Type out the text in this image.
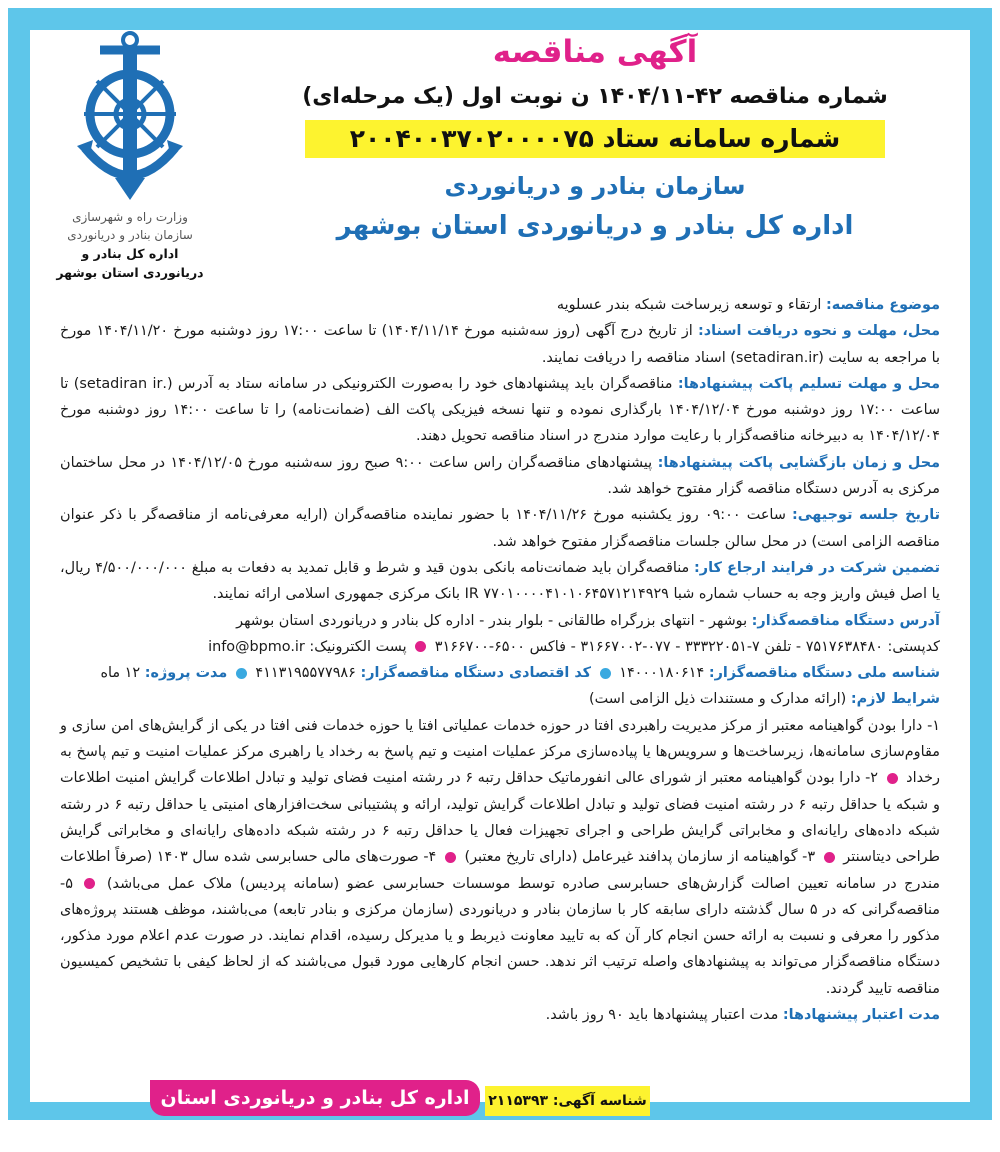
وزارت راه و شهرسازی
سازمان بنادر و دریانوردی
اداره کل بنادر و
دریانوردی استان بوشهر
آگهی مناقصه
شماره مناقصه ۴۲-۱۴۰۴/۱۱ ن نوبت اول (یک مرحله‌ای)
شماره سامانه ستاد ۲۰۰۴۰۰۳۷۰۲۰۰۰۰۷۵
سازمان بنادر و دریانوردی
اداره کل بنادر و دریانوردی استان بوشهر
موضوع مناقصه: ارتقاء و توسعه زیرساخت شبکه بندر عسلویه
محل، مهلت و نحوه دریافت اسناد: از تاریخ درج آگهی (روز سه‌شنبه مورخ ۱۴۰۴/۱۱/۱۴) تا ساعت ۱۷:۰۰ روز دوشنبه مورخ ۱۴۰۴/۱۱/۲۰ مورخ با مراجعه به سایت (setadiran.ir) اسناد مناقصه را دریافت نمایند.
محل و مهلت تسلیم پاکت پیشنهادها: مناقصه‌گران باید پیشنهادهای خود را به‌صورت الکترونیکی در سامانه ستاد به آدرس (.setadiran ir) تا ساعت ۱۷:۰۰ روز دوشنبه مورخ ۱۴۰۴/۱۲/۰۴ بارگذاری نموده و تنها نسخه فیزیکی پاکت الف (ضمانت‌نامه) را تا ساعت ۱۴:۰۰ روز دوشنبه مورخ ۱۴۰۴/۱۲/۰۴ به دبیرخانه مناقصه‌گزار با رعایت موارد مندرج در اسناد مناقصه تحویل دهند.
محل و زمان بازگشایی پاکت پیشنهادها: پیشنهادهای مناقصه‌گران راس ساعت ۹:۰۰ صبح روز سه‌شنبه مورخ ۱۴۰۴/۱۲/۰۵ در محل ساختمان مرکزی به آدرس دستگاه مناقصه گزار مفتوح خواهد شد.
تاریخ جلسه توجیهی: ساعت ۰۹:۰۰ روز یکشنبه مورخ ۱۴۰۴/۱۱/۲۶ با حضور نماینده مناقصه‌گران (ارایه معرفی‌نامه از مناقصه‌گر با ذکر عنوان مناقصه الزامی است) در محل سالن جلسات مناقصه‌گزار مفتوح خواهد شد.
تضمین شرکت در فرایند ارجاع کار: مناقصه‌گران باید ضمانت‌نامه بانکی بدون قید و شرط و قابل تمدید به دفعات به مبلغ ۴/۵۰۰/۰۰۰/۰۰۰ ریال، یا اصل فیش واریز وجه به حساب شماره شبا IR ۷۷۰۱۰۰۰۰۴۱۰۱۰۶۴۵۷۱۲۱۴۹۲۹ بانک مرکزی جمهوری اسلامی ارائه نمایند.
آدرس دستگاه مناقصه‌گذار: بوشهر - انتهای بزرگراه طالقانی - بلوار بندر - اداره کل بنادر و دریانوردی استان بوشهر
کدپستی: ۷۵۱۷۶۳۸۴۸۰ - تلفن ۷-۳۳۳۲۲۰۵۱ - ۰۷۷-۳۱۶۶۷۰۰۲ - فاکس ۶۵۰۰-۳۱۶۶۷۰۰  پست الکترونیک: info@bpmo.ir
شناسه ملی دستگاه مناقصه‌گزار: ۱۴۰۰۰۱۸۰۶۱۴  کد اقتصادی دستگاه مناقصه‌گزار: ۴۱۱۳۱۹۵۵۷۷۹۸۶  مدت پروژه: ۱۲ ماه
شرایط لازم: (ارائه مدارک و مستندات ذیل الزامی است)
۱- دارا بودن گواهینامه معتبر از مرکز مدیریت راهبردی افتا در حوزه خدمات عملیاتی افتا یا حوزه خدمات فنی افتا در یکی از گرایش‌های امن سازی و مقاوم‌سازی سامانه‌ها، زیرساخت‌ها و سرویس‌ها یا پیاده‌سازی مرکز عملیات امنیت و تیم پاسخ به رخداد یا راهبری مرکز عملیات امنیت و تیم پاسخ به رخداد  ۲- دارا بودن گواهینامه معتبر از شورای عالی انفورماتیک حداقل رتبه ۶ در رشته امنیت فضای تولید و تبادل اطلاعات گرایش امنیت اطلاعات و شبکه یا حداقل رتبه ۶ در رشته امنیت فضای تولید و تبادل اطلاعات گرایش تولید، ارائه و پشتیبانی سخت‌افزارهای امنیتی یا حداقل رتبه ۶ در رشته شبکه داده‌های رایانه‌ای و مخابراتی گرایش طراحی و اجرای تجهیزات فعال یا حداقل رتبه ۶ در رشته شبکه داده‌های رایانه‌ای و مخابراتی گرایش طراحی دیتاسنتر  ۳- گواهینامه از سازمان پدافند غیرعامل (دارای تاریخ معتبر)  ۴- صورت‌های مالی حسابرسی شده سال ۱۴۰۳ (صرفاً اطلاعات مندرج در سامانه تعیین اصالت گزارش‌های حسابرسی صادره توسط موسسات حسابرسی عضو (سامانه پردیس) ملاک عمل می‌باشد)  ۵- مناقصه‌گرانی که در ۵ سال گذشته دارای سابقه کار با سازمان بنادر و دریانوردی (سازمان مرکزی و بنادر تابعه) می‌باشند، موظف هستند پروژه‌های مذکور را معرفی و نسبت به ارائه حسن انجام کار آن که به تایید معاونت ذیربط و یا مدیرکل رسیده، اقدام نمایند. در صورت عدم اعلام مورد مذکور، دستگاه مناقصه‌گزار می‌تواند به پیشنهادهای واصله ترتیب اثر ندهد. حسن انجام کارهایی مورد قبول می‌باشند که از لحاظ کیفی با تشخیص کمیسیون مناقصه تایید گردند.
مدت اعتبار پیشنهادها: مدت اعتبار پیشنهادها باید ۹۰ روز باشد.
اداره کل بنادر و دریانوردی استان بوشهر
شناسه آگهی: ۲۱۱۵۳۹۳
